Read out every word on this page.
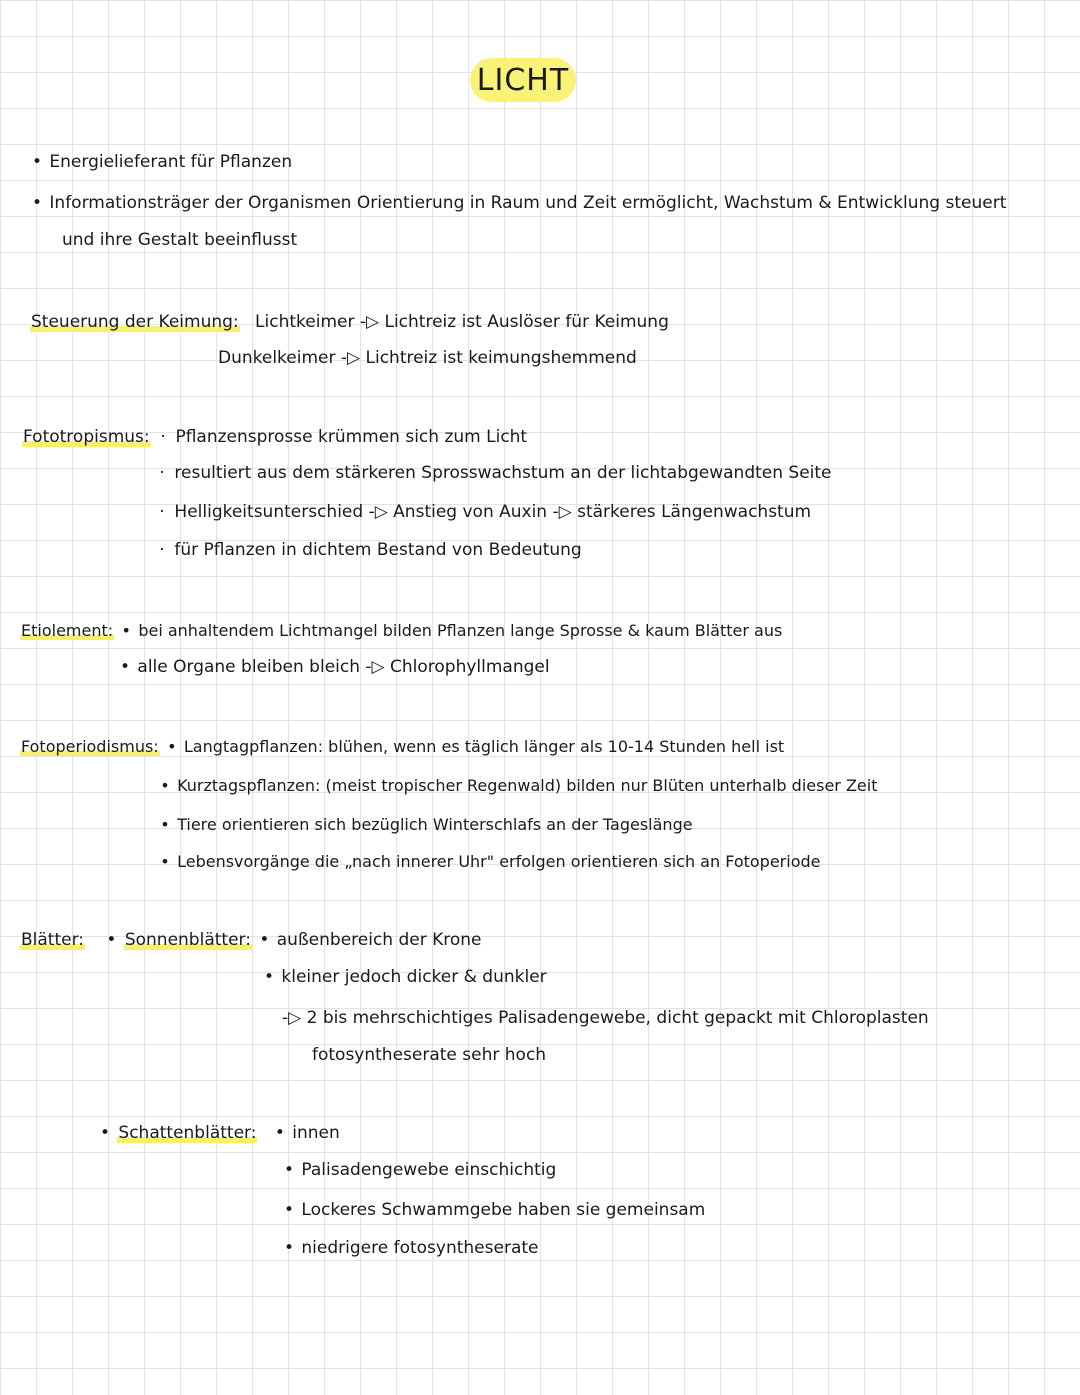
LICHT
• Energielieferant für Pflanzen
• Informationsträger der Organismen Orientierung in Raum und Zeit ermöglicht, Wachstum & Entwicklung steuert
und ihre Gestalt beeinflusst
Steuerung der Keimung: Lichtkeimer -▷ Lichtreiz ist Auslöser für Keimung
Dunkelkeimer -▷ Lichtreiz ist keimungshemmend
Fototropismus: · Pflanzensprosse krümmen sich zum Licht
· resultiert aus dem stärkeren Sprosswachstum an der lichtabgewandten Seite
· Helligkeitsunterschied -▷ Anstieg von Auxin -▷ stärkeres Längenwachstum
· für Pflanzen in dichtem Bestand von Bedeutung
Etiolement: • bei anhaltendem Lichtmangel bilden Pflanzen lange Sprosse & kaum Blätter aus
• alle Organe bleiben bleich -▷ Chlorophyllmangel
Fotoperiodismus: • Langtagpflanzen: blühen, wenn es täglich länger als 10-14 Stunden hell ist
• Kurztagspflanzen: (meist tropischer Regenwald) bilden nur Blüten unterhalb dieser Zeit
• Tiere orientieren sich bezüglich Winterschlafs an der Tageslänge
• Lebensvorgänge die „nach innerer Uhr" erfolgen orientieren sich an Fotoperiode
Blätter: • Sonnenblätter: • außenbereich der Krone
• kleiner jedoch dicker & dunkler
-▷ 2 bis mehrschichtiges Palisadengewebe, dicht gepackt mit Chloroplasten
fotosyntheserate sehr hoch
• Schattenblätter: • innen
• Palisadengewebe einschichtig
• Lockeres Schwammgebe haben sie gemeinsam
• niedrigere fotosyntheserate
